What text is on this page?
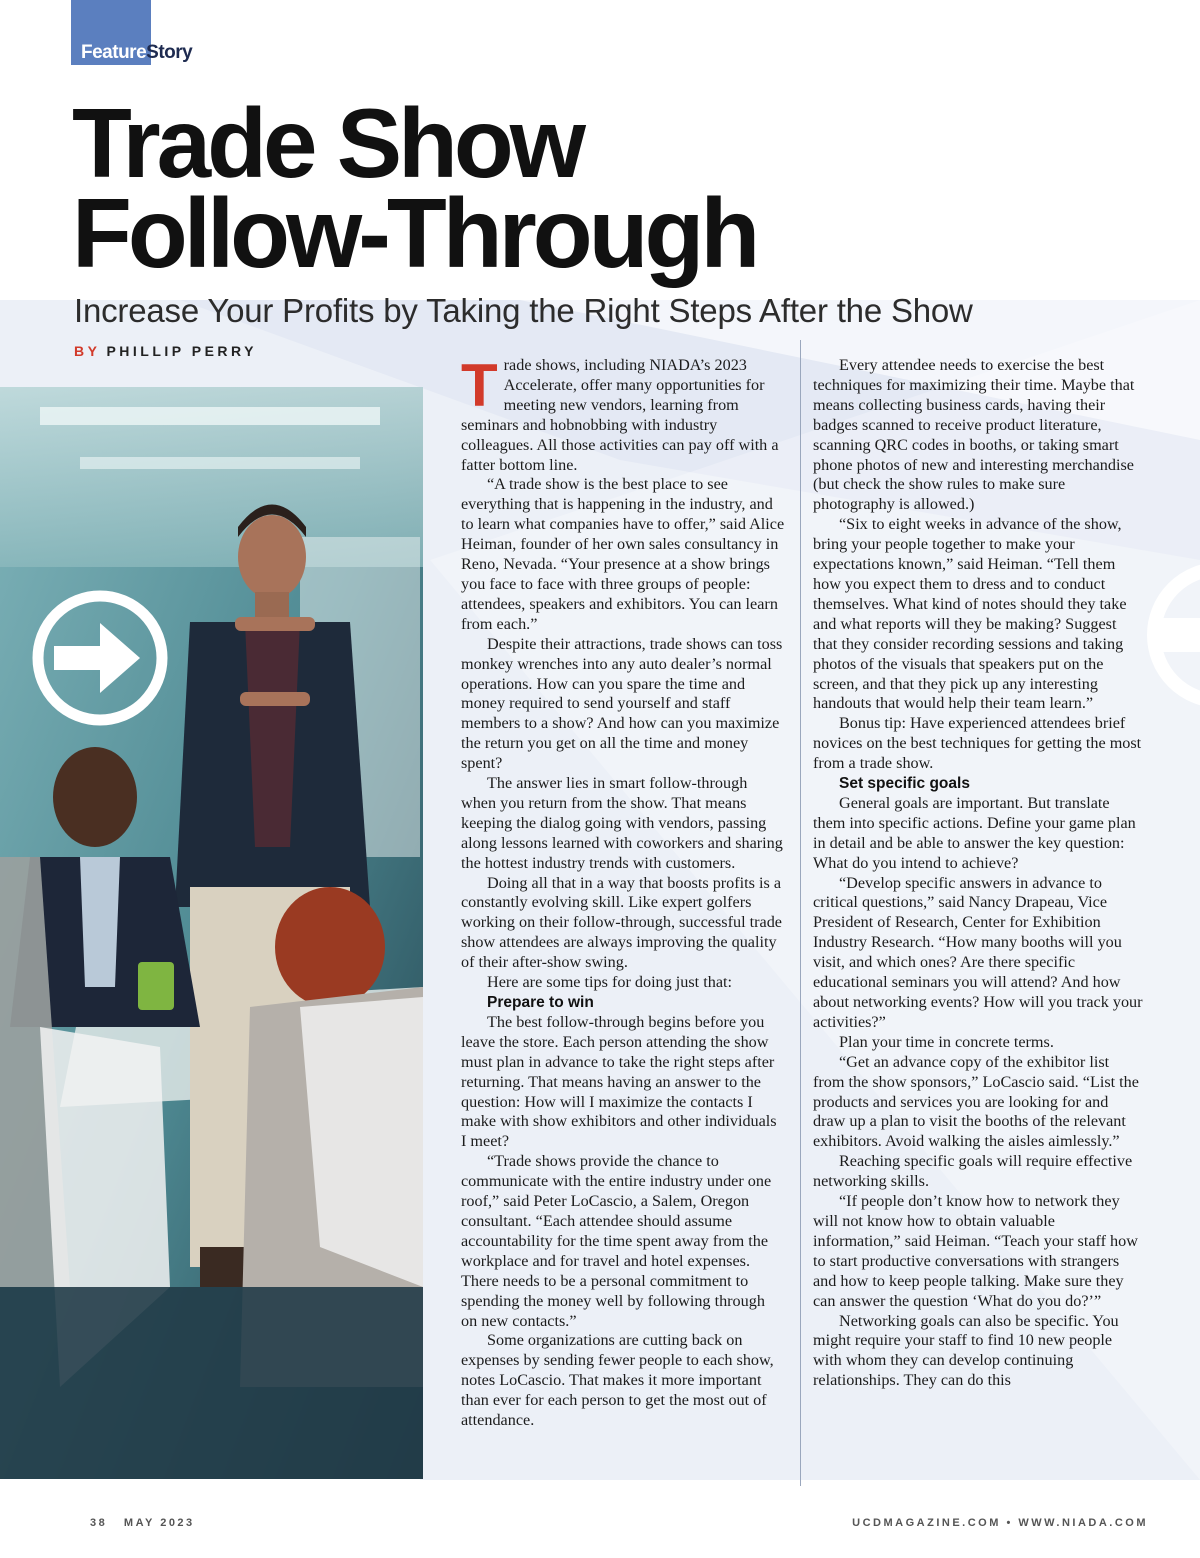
FeatureStory
Trade Show
Follow-Through
Increase Your Profits by Taking the Right Steps After the Show
BY PHILLIP PERRY

Trade shows, including NIADA’s 2023 Accelerate, offer many opportunities for meeting new vendors, learning from seminars and hobnobbing with industry colleagues. All those activities can pay off with a fatter bottom line.

“A trade show is the best place to see everything that is happening in the industry, and to learn what companies have to offer,” said Alice Heiman, founder of her own sales consultancy in Reno, Nevada. “Your presence at a show brings you face to face with three groups of people: attendees, speakers and exhibitors. You can learn from each.”

Despite their attractions, trade shows can toss monkey wrenches into any auto dealer’s normal operations. How can you spare the time and money required to send yourself and staff members to a show? And how can you maximize the return you get on all the time and money spent?

The answer lies in smart follow-through when you return from the show. That means keeping the dialog going with vendors, passing along lessons learned with coworkers and sharing the hottest industry trends with customers.

Doing all that in a way that boosts profits is a constantly evolving skill. Like expert golfers working on their follow-through, successful trade show attendees are always improving the quality of their after-show swing.

Here are some tips for doing just that:

Prepare to win

The best follow-through begins before you leave the store. Each person attending the show must plan in advance to take the right steps after returning. That means having an answer to the question: How will I maximize the contacts I make with show exhibitors and other individuals I meet?

“Trade shows provide the chance to communicate with the entire industry under one roof,” said Peter LoCascio, a Salem, Oregon consultant. “Each attendee should assume accountability for the time spent away from the workplace and for travel and hotel expenses. There needs to be a personal commitment to spending the money well by following through on new contacts.”

Some organizations are cutting back on expenses by sending fewer people to each show, notes LoCascio. That makes it more important than ever for each person to get the most out of attendance.

Every attendee needs to exercise the best techniques for maximizing their time. Maybe that means collecting business cards, having their badges scanned to receive product literature, scanning QRC codes in booths, or taking smart phone photos of new and interesting merchandise (but check the show rules to make sure photography is allowed.)

“Six to eight weeks in advance of the show, bring your people together to make your expectations known,” said Heiman. “Tell them how you expect them to dress and to conduct themselves. What kind of notes should they take and what reports will they be making? Suggest that they consider recording sessions and taking photos of the visuals that speakers put on the screen, and that they pick up any interesting handouts that would help their team learn.”

Bonus tip: Have experienced attendees brief novices on the best techniques for getting the most from a trade show.

Set specific goals

General goals are important. But translate them into specific actions. Define your game plan in detail and be able to answer the key question: What do you intend to achieve?

“Develop specific answers in advance to critical questions,” said Nancy Drapeau, Vice President of Research, Center for Exhibition Industry Research. “How many booths will you visit, and which ones? Are there specific educational seminars you will attend? And how about networking events? How will you track your activities?”

Plan your time in concrete terms.

“Get an advance copy of the exhibitor list from the show sponsors,” LoCascio said. “List the products and services you are looking for and draw up a plan to visit the booths of the relevant exhibitors. Avoid walking the aisles aimlessly.”

Reaching specific goals will require effective networking skills.

“If people don’t know how to network they will not know how to obtain valuable information,” said Heiman. “Teach your staff how to start productive conversations with strangers and how to keep people talking. Make sure they can answer the question ‘What do you do?’”

Networking goals can also be specific. You might require your staff to find 10 new people with whom they can develop continuing relationships. They can do this

38   MAY 2023	UCDMAGAZINE.COM • WWW.NIADA.COM
